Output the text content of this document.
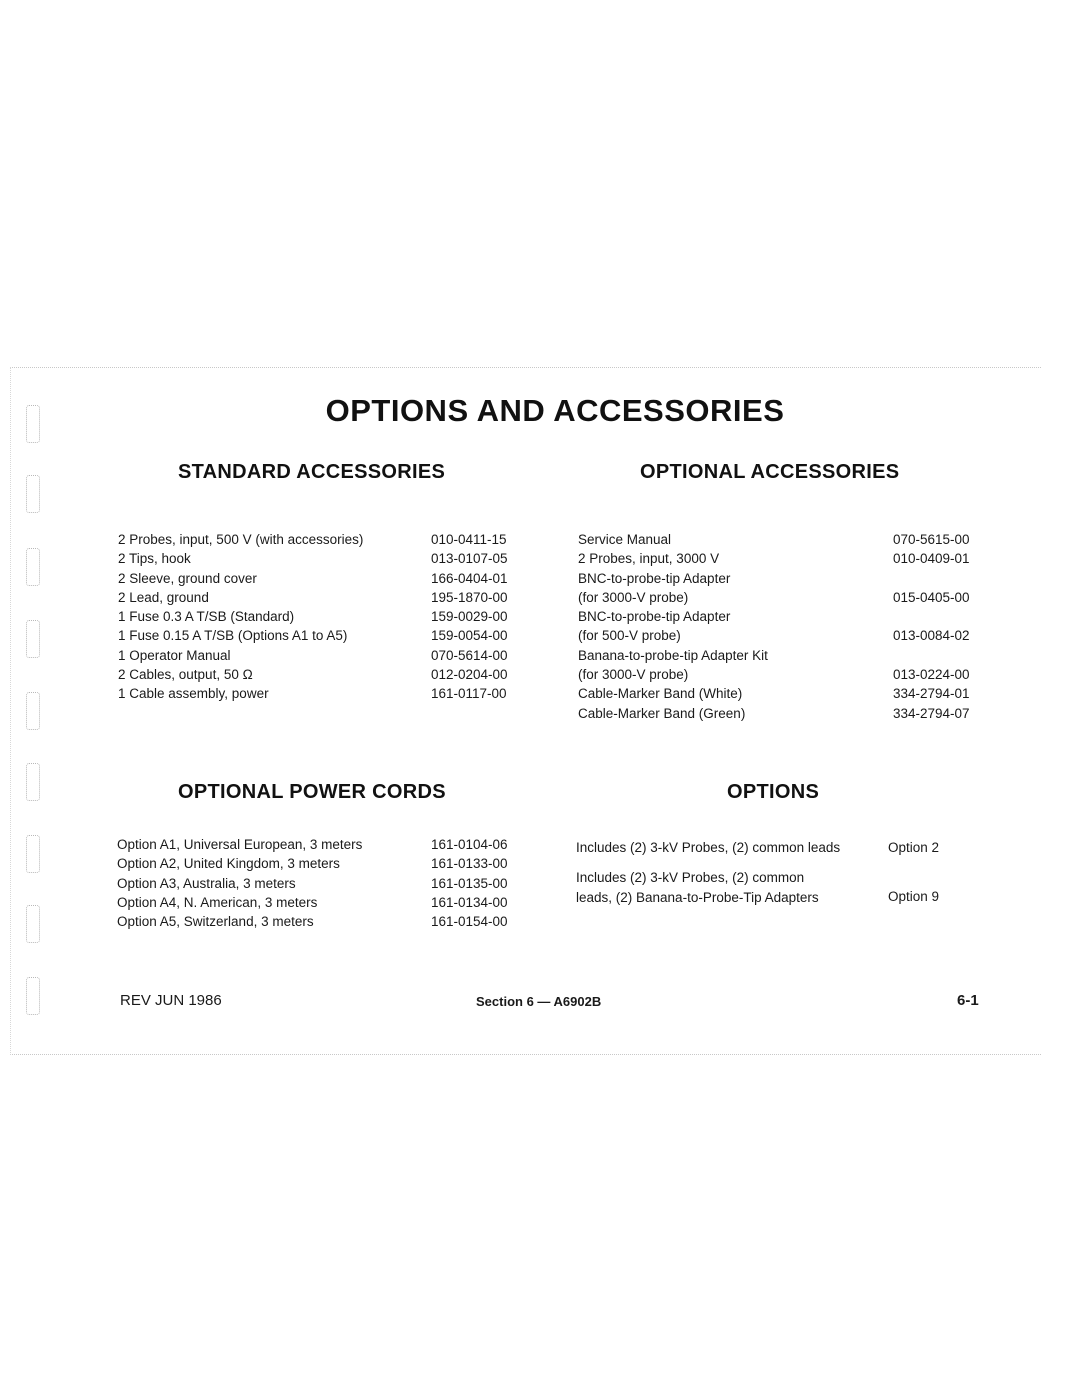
OPTIONS AND ACCESSORIES
STANDARD ACCESSORIES
2 Probes, input, 500 V (with accessories)	010-0411-15
2 Tips, hook	013-0107-05
2 Sleeve, ground cover	166-0404-01
2 Lead, ground	195-1870-00
1 Fuse 0.3 A T/SB (Standard)	159-0029-00
1 Fuse 0.15 A T/SB (Options A1 to A5)	159-0054-00
1 Operator Manual	070-5614-00
2 Cables, output, 50 Ω	012-0204-00
1 Cable assembly, power	161-0117-00
OPTIONAL ACCESSORIES
Service Manual	070-5615-00
2 Probes, input, 3000 V	010-0409-01
BNC-to-probe-tip Adapter
(for 3000-V probe)	015-0405-00
BNC-to-probe-tip Adapter
(for 500-V probe)	013-0084-02
Banana-to-probe-tip Adapter Kit
(for 3000-V probe)	013-0224-00
Cable-Marker Band (White)	334-2794-01
Cable-Marker Band (Green)	334-2794-07
OPTIONAL POWER CORDS
Option A1, Universal European, 3 meters	161-0104-06
Option A2, United Kingdom, 3 meters	161-0133-00
Option A3, Australia, 3 meters	161-0135-00
Option A4, N. American, 3 meters	161-0134-00
Option A5, Switzerland, 3 meters	161-0154-00
OPTIONS
Includes (2) 3-kV Probes, (2) common leads	Option 2
Includes (2) 3-kV Probes, (2) common
leads, (2) Banana-to-Probe-Tip Adapters	Option 9

REV JUN 1986	Section 6 — A6902B	6-1
